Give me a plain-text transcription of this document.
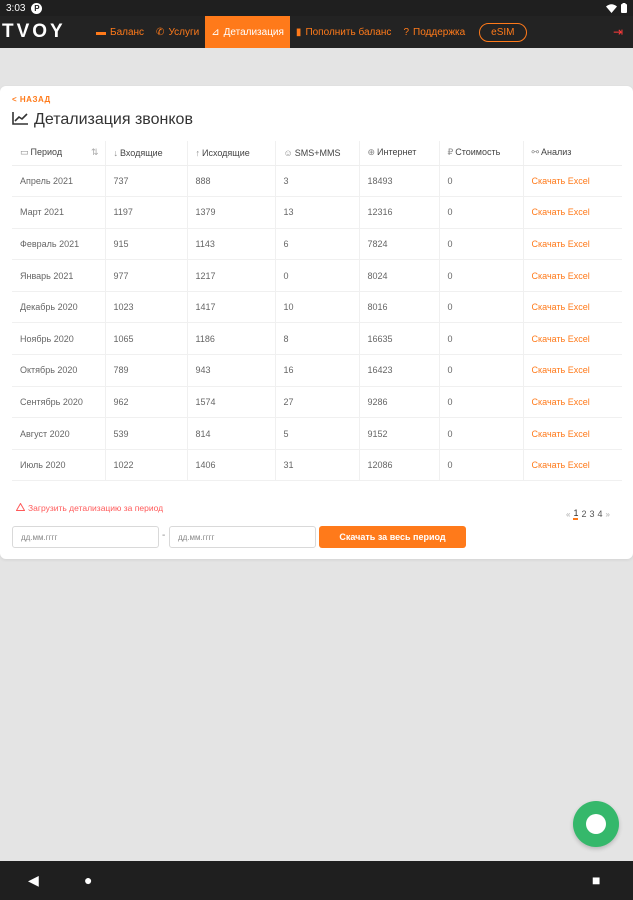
3:03	P
TVOY	▬ Баланс ✆ Услуги ⊿ Детализация ▮ Пополнить баланс ? Поддержка	eSIM	⇥
< НАЗАД
Детализация звонков
▭ Период ⇅	↓ Входящие	↑ Исходящие	☺ SMS+MMS	⊕ Интернет	₽ Стоимость	⚯ Анализ
Апрель 2021	737	888	3	18493	0	Скачать Excel
Март 2021	1197	1379	13	12316	0	Скачать Excel
Февраль 2021	915	1143	6	7824	0	Скачать Excel
Январь 2021	977	1217	0	8024	0	Скачать Excel
Декабрь 2020	1023	1417	10	8016	0	Скачать Excel
Ноябрь 2020	1065	1186	8	16635	0	Скачать Excel
Октябрь 2020	789	943	16	16423	0	Скачать Excel
Сентябрь 2020	962	1574	27	9286	0	Скачать Excel
Август 2020	539	814	5	9152	0	Скачать Excel
Июль 2020	1022	1406	31	12086	0	Скачать Excel
Загрузить детализацию за период
« 1 2 3 4 »
дд.мм.гггг	-	дд.мм.гггг	Скачать за весь период
◀	●	■
